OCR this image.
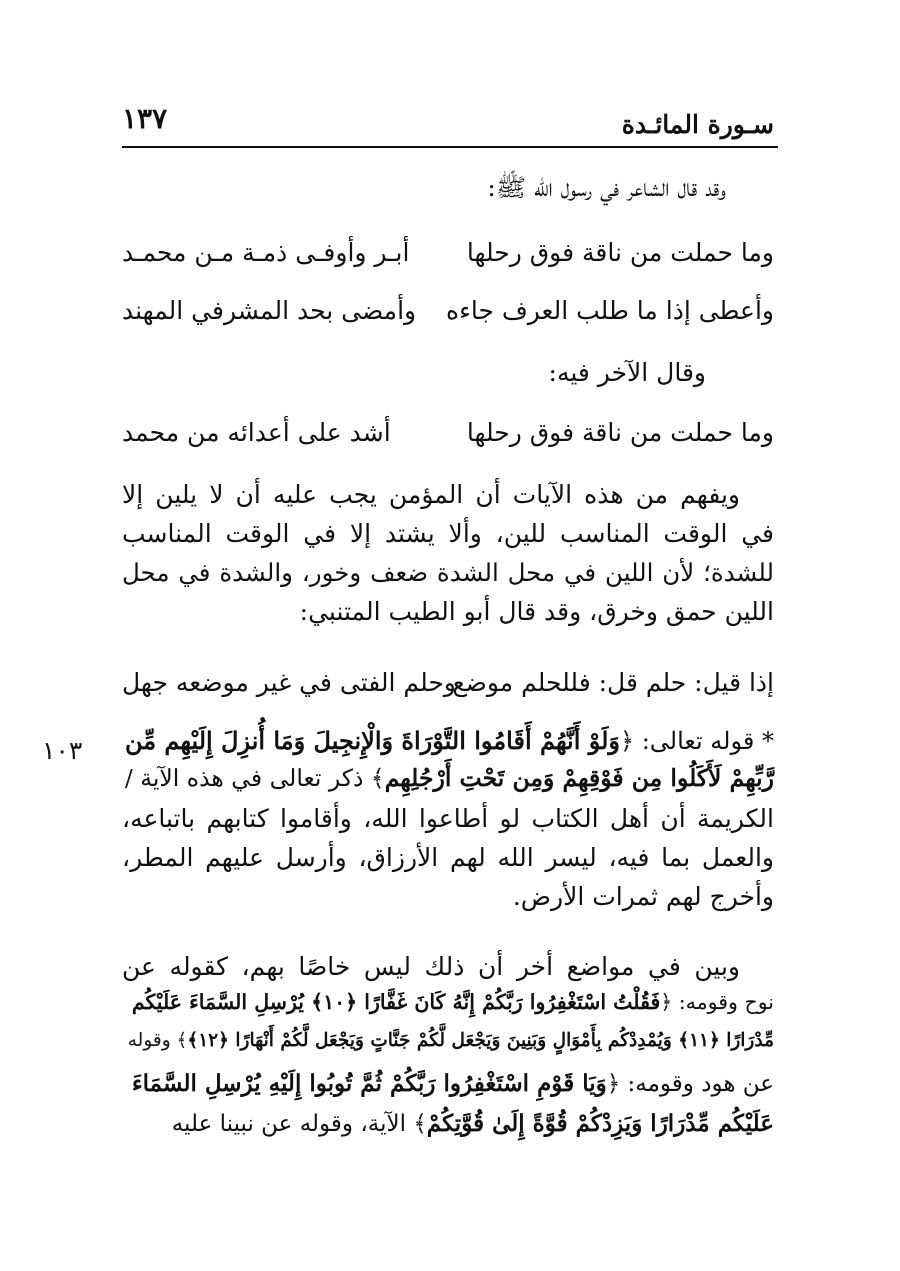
سـورة المائـدة
١٣٧
وقد قال الشاعر في رسول الله ﷺ:
وما حملت من ناقة فوق رحلها
أبـر وأوفـى ذمـة مـن محمـد
وأعطى إذا ما طلب العرف جاءه
وأمضى بحد المشرفي المهند
وقال الآخر فيه:
وما حملت من ناقة فوق رحلها
أشد على أعدائه من محمد
ويفهم من هذه الآيات أن المؤمن يجب عليه أن لا يلين إلا
في الوقت المناسب للين، وألا يشتد إلا في الوقت المناسب
للشدة؛ لأن اللين في محل الشدة ضعف وخور، والشدة في محل
اللين حمق وخرق، وقد قال أبو الطيب المتنبي:
إذا قيل: حلم قل: فللحلم موضع
وحلم الفتى في غير موضعه جهل
١٠٣	* قوله تعالى: ﴿وَلَوْ أَنَّهُمْ أَقَامُوا التَّوْرَاةَ وَالْإِنجِيلَ وَمَا أُنزِلَ إِلَيْهِم مِّن
رَّبِّهِمْ لَأَكَلُوا مِن فَوْقِهِمْ وَمِن تَحْتِ أَرْجُلِهِم﴾ ذكر تعالى في هذه الآية /
الكريمة أن أهل الكتاب لو أطاعوا الله، وأقاموا كتابهم باتباعه،
والعمل بما فيه، ليسر الله لهم الأرزاق، وأرسل عليهم المطر،
وأخرج لهم ثمرات الأرض.
وبين في مواضع أخر أن ذلك ليس خاصًا بهم، كقوله عن
نوح وقومه: ﴿فَقُلْتُ اسْتَغْفِرُوا رَبَّكُمْ إِنَّهُ كَانَ غَفَّارًا ﴿١٠﴾ يُرْسِلِ السَّمَاءَ عَلَيْكُم
مِّدْرَارًا ﴿١١﴾ وَيُمْدِدْكُم بِأَمْوَالٍ وَبَنِينَ وَيَجْعَل لَّكُمْ جَنَّاتٍ وَيَجْعَل لَّكُمْ أَنْهَارًا ﴿١٢﴾﴾ وقوله
عن هود وقومه: ﴿وَيَا قَوْمِ اسْتَغْفِرُوا رَبَّكُمْ ثُمَّ تُوبُوا إِلَيْهِ يُرْسِلِ السَّمَاءَ
عَلَيْكُم مِّدْرَارًا وَيَزِدْكُمْ قُوَّةً إِلَىٰ قُوَّتِكُمْ﴾ الآية، وقوله عن نبينا عليه
